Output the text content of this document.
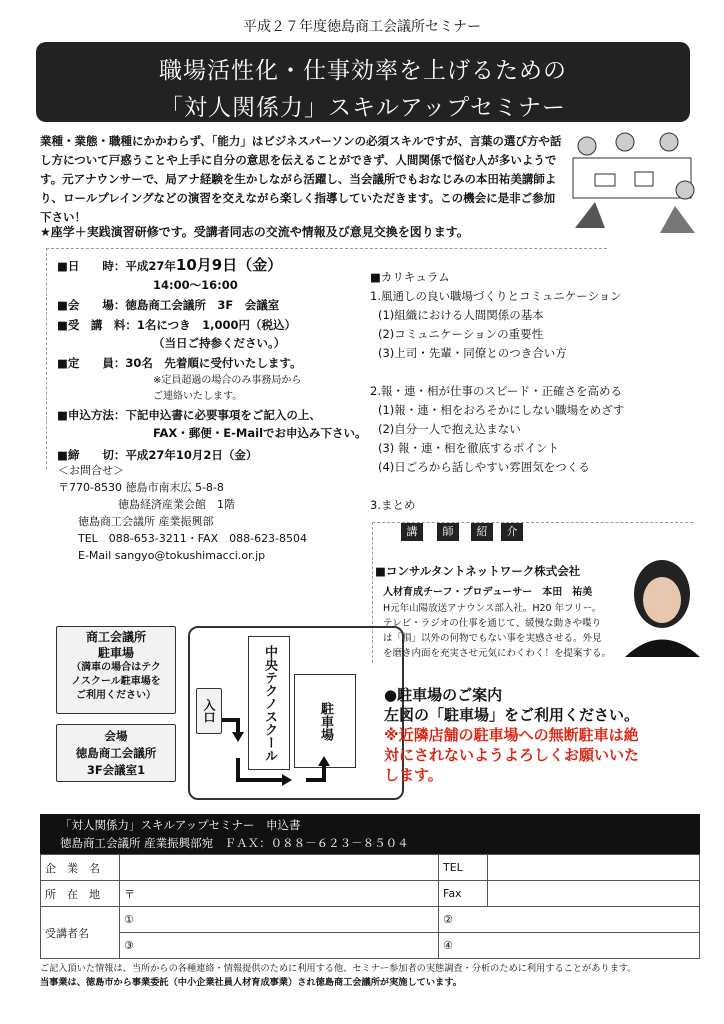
平成２７年度徳島商工会議所セミナー
職場活性化・仕事効率を上げるための
「対人関係力」スキルアップセミナー
業種・業態・職種にかかわらず、「能力」はビジネスパーソンの必須スキルですが、言葉の選び方や話し方について戸惑うことや上手に自分の意思を伝えることができず、人間関係で悩む人が多いようです。元アナウンサーで、局アナ経験を生かしながら活躍し、当会議所でもおなじみの本田祐美講師より、ロールプレイングなどの演習を交えながら楽しく指導していただきます。この機会に是非ご参加下さい！
★座学＋実践演習研修です。受講者同志の交流や情報及び意見交換を図ります。
■日　　時：平成27年10月9日（金）
14:00～16:00
■会　　場：徳島商工会議所　3F　会議室
■受　講　料：1名につき　1,000円（税込）
（当日ご持参ください。）
■定　　員：30名　先着順に受付いたします。
※定員超過の場合のみ事務局から
ご連絡いたします。
■申込方法：下記申込書に必要事項をご記入の上、
FAX・郵便・E-Mailでお申込み下さい。
■締　　切：平成27年10月2日（金）
■カリキュラム
1.風通しの良い職場づくりとコミュニケーション
(1)組織における人間関係の基本
(2)コミュニケーションの重要性
(3)上司・先輩・同僚とのつき合い方
2.報・連・相が仕事のスピード・正確さを高める
(1)報・連・相をおろそかにしない職場をめざす
(2)自分一人で抱え込まない
(3) 報・連・相を徹底するポイント
(4)日ごろから話しやすい雰囲気をつくる
3.まとめ
＜お問合せ＞
〒770-8530 徳島市南末広 5-8-8
徳島経済産業会館　1階
徳島商工会議所 産業振興部
TEL　088-653-3211・FAX　088-623-8504
E-Mail sangyo@tokushimacci.or.jp
講	師	紹	介
■コンサルタントネットワーク株式会社
人材育成チーフ・プロデューサー　本田　祐美
H元年山陽放送アナウンス部入社。H20 年フリー。
テレビ・ラジオの仕事を通じて、緩慢な動きや喋り
は「損」以外の何物でもない事を実感させる。外見
を磨き内面を充実させ元気にわくわく！を提案する。
商工会議所
駐車場
（満車の場合はテク
ノスクール駐車場を
ご利用ください）
会場
徳島商工会議所
3F会議室1
入口	中央テクノスクール	駐車場
●駐車場のご案内
左図の「駐車場」をご利用ください。
※近隣店舗の駐車場への無断駐車は絶
対にされないようよろしくお願いいた
します。
「対人関係力」スキルアップセミナー　申込書
徳島商工会議所 産業振興部宛　ＦＡＸ：０８８－６２３－８５０４
企　業　名		TEL	
所　在　地	〒	Fax	
受講者名	①	②	
	③	④	
ご記入頂いた情報は、当所からの各種連絡・情報提供のために利用する他、セミナー参加者の実態調査・分析のために利用することがあります。
当事業は、徳島市から事業委託（中小企業社員人材育成事業）され徳島商工会議所が実施しています。
